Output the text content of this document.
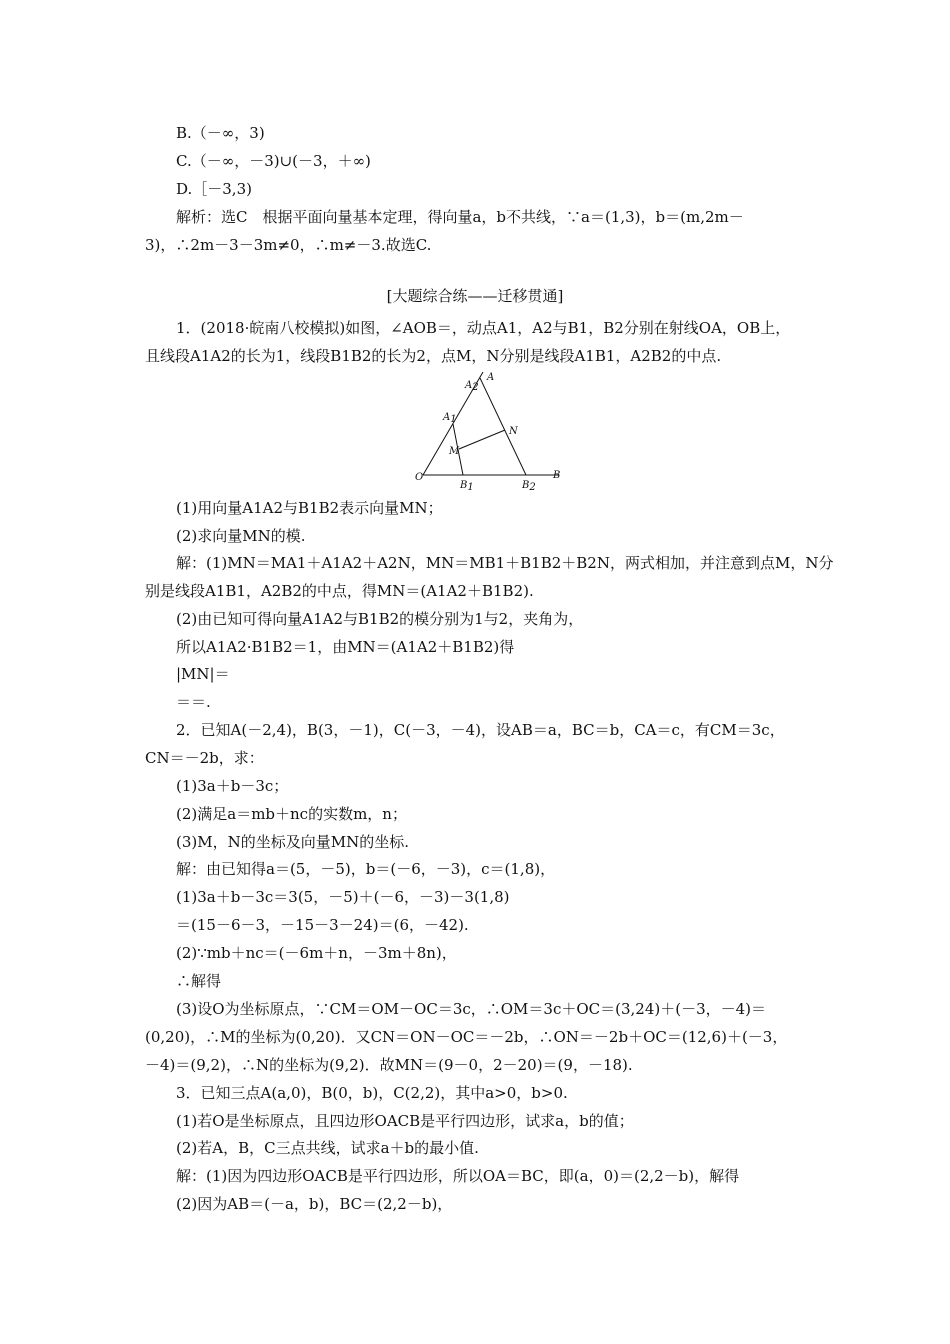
B.（－∞，3)
C.（－∞，－3)∪(－3，＋∞)
D.［－3,3)
解析：选C　根据平面向量基本定理，得向量a，b不共线，∵a＝(1,3)，b＝(m,2m－
3)，∴2m－3－3m≠0，∴m≠－3.故选C.
[大题综合练——迁移贯通]
1．(2018·皖南八校模拟)如图，∠AOB＝，动点A1，A2与B1，B2分别在射线OA，OB上，
且线段A1A2的长为1，线段B1B2的长为2，点M，N分别是线段A1B1，A2B2的中点.
A
A2
A1
N
M
O
B1	B2
B
(1)用向量A1A2与B1B2表示向量MN；
(2)求向量MN的模.
解：(1)MN＝MA1＋A1A2＋A2N，MN＝MB1＋B1B2＋B2N，两式相加，并注意到点M，N分
别是线段A1B1，A2B2的中点，得MN＝(A1A2＋B1B2).
(2)由已知可得向量A1A2与B1B2的模分别为1与2，夹角为，
所以A1A2·B1B2＝1，由MN＝(A1A2＋B1B2)得
|MN|＝
＝＝.
2．已知A(－2,4)，B(3，－1)，C(－3，－4)，设AB＝a，BC＝b，CA＝c，有CM＝3c，
CN＝－2b，求：
(1)3a＋b－3c；
(2)满足a＝mb＋nc的实数m，n；
(3)M，N的坐标及向量MN的坐标.
解：由已知得a＝(5，－5)，b＝(－6，－3)，c＝(1,8)，
(1)3a＋b－3c＝3(5，－5)＋(－6，－3)－3(1,8)
＝(15－6－3，－15－3－24)＝(6，－42).
(2)∵mb＋nc＝(－6m＋n，－3m＋8n)，
∴解得
(3)设O为坐标原点，∵CM＝OM－OC＝3c，∴OM＝3c＋OC＝(3,24)＋(－3，－4)＝
(0,20)，∴M的坐标为(0,20)．又CN＝ON－OC＝－2b，∴ON＝－2b＋OC＝(12,6)＋(－3，
－4)＝(9,2)，∴N的坐标为(9,2)．故MN＝(9－0，2－20)＝(9，－18).
3．已知三点A(a,0)，B(0，b)，C(2,2)，其中a>0，b>0.
(1)若O是坐标原点，且四边形OACB是平行四边形，试求a，b的值；
(2)若A，B，C三点共线，试求a＋b的最小值.
解：(1)因为四边形OACB是平行四边形，所以OA＝BC，即(a，0)＝(2,2－b)，解得
(2)因为AB＝(－a，b)，BC＝(2,2－b)，
